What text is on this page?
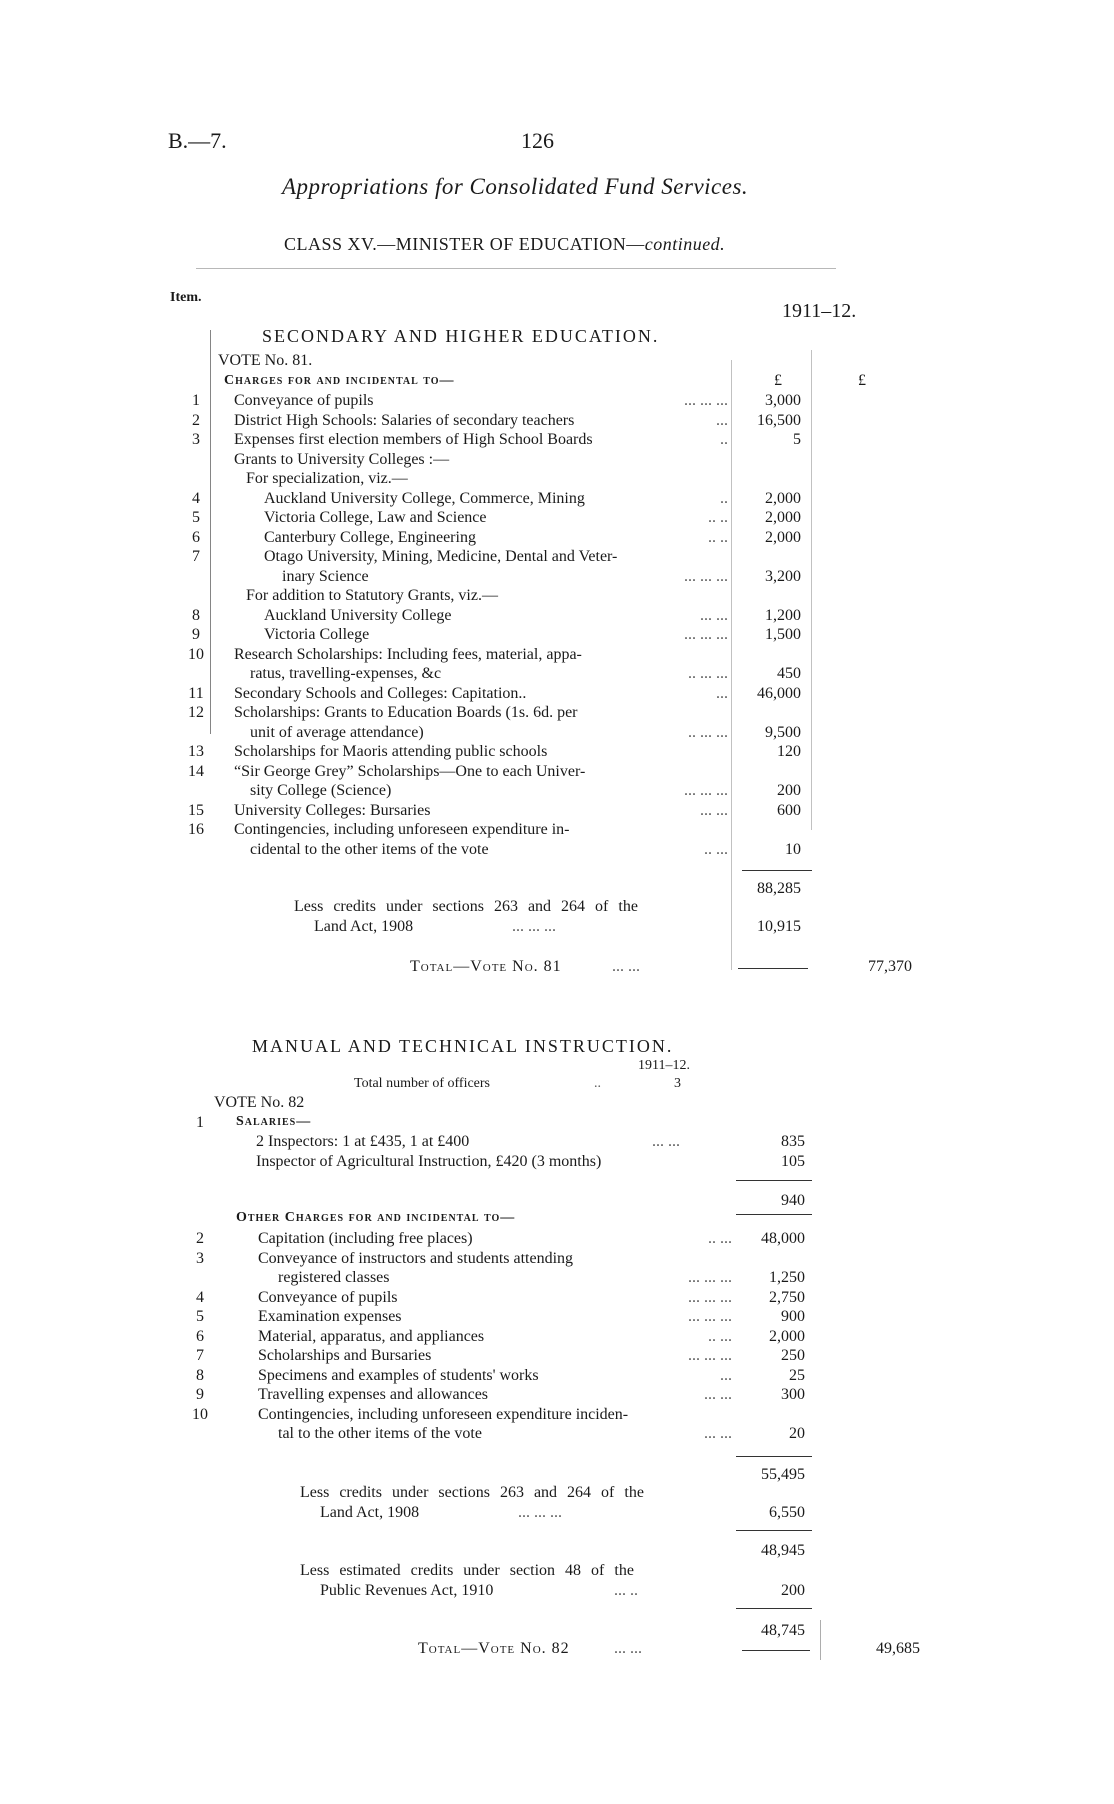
B.—7.	126
Appropriations for Consolidated Fund Services.
CLASS XV.—MINISTER OF EDUCATION—continued.
Item.
1911–12.
£	£
SECONDARY AND HIGHER EDUCATION.
VOTE No. 81.
Charges for and incidental to—
1	Conveyance of pupils	... ... ...	3,000
2	District High Schools: Salaries of secondary teachers	...	16,500
3	Expenses first election members of High School Boards	..	5
Grants to University Colleges :—
For specialization, viz.—
4	Auckland University College, Commerce, Mining	..	2,000
5	Victoria College, Law and Science	.. ..	2,000
6	Canterbury College, Engineering	.. ..	2,000
7	Otago University, Mining, Medicine, Dental and Veter-
inary Science	... ... ...	3,200
For addition to Statutory Grants, viz.—
8	Auckland University College	... ...	1,200
9	Victoria College	... ... ...	1,500
10	Research Scholarships: Including fees, material, appa-
ratus, travelling-expenses, &c	.. ... ...	450
11	Secondary Schools and Colleges: Capitation..	...	46,000
12	Scholarships: Grants to Education Boards (1s. 6d. per
unit of average attendance)	.. ... ...	9,500
13	Scholarships for Maoris attending public schools	120
14	“Sir George Grey” Scholarships—One to each Univer-
sity College (Science)	... ... ...	200
15	University Colleges: Bursaries	... ...	600
16	Contingencies, including unforeseen expenditure in-
cidental to the other items of the vote	.. ...	10
88,285
Less credits under sections 263 and 264 of the
Land Act, 1908	... ... ...	10,915
Total—Vote No. 81	... ...	77,370
MANUAL AND TECHNICAL INSTRUCTION.
1911–12.
Total number of officers	..	3
VOTE No. 82
1	Salaries—
2 Inspectors: 1 at £435, 1 at £400	... ...	835
Inspector of Agricultural Instruction, £420 (3 months)	105
940
Other Charges for and incidental to—
2	Capitation (including free places)	.. ...	48,000
3	Conveyance of instructors and students attending
registered classes	... ... ...	1,250
4	Conveyance of pupils	... ... ...	2,750
5	Examination expenses	... ... ...	900
6	Material, apparatus, and appliances	.. ...	2,000
7	Scholarships and Bursaries	... ... ...	250
8	Specimens and examples of students' works	...	25
9	Travelling expenses and allowances	... ...	300
10	Contingencies, including unforeseen expenditure inciden-
tal to the other items of the vote	... ...	20
55,495
Less credits under sections 263 and 264 of the
Land Act, 1908	... ... ...	6,550
48,945
Less estimated credits under section 48 of the
Public Revenues Act, 1910	... ..	200
48,745
Total—Vote No. 82	... ...	49,685
